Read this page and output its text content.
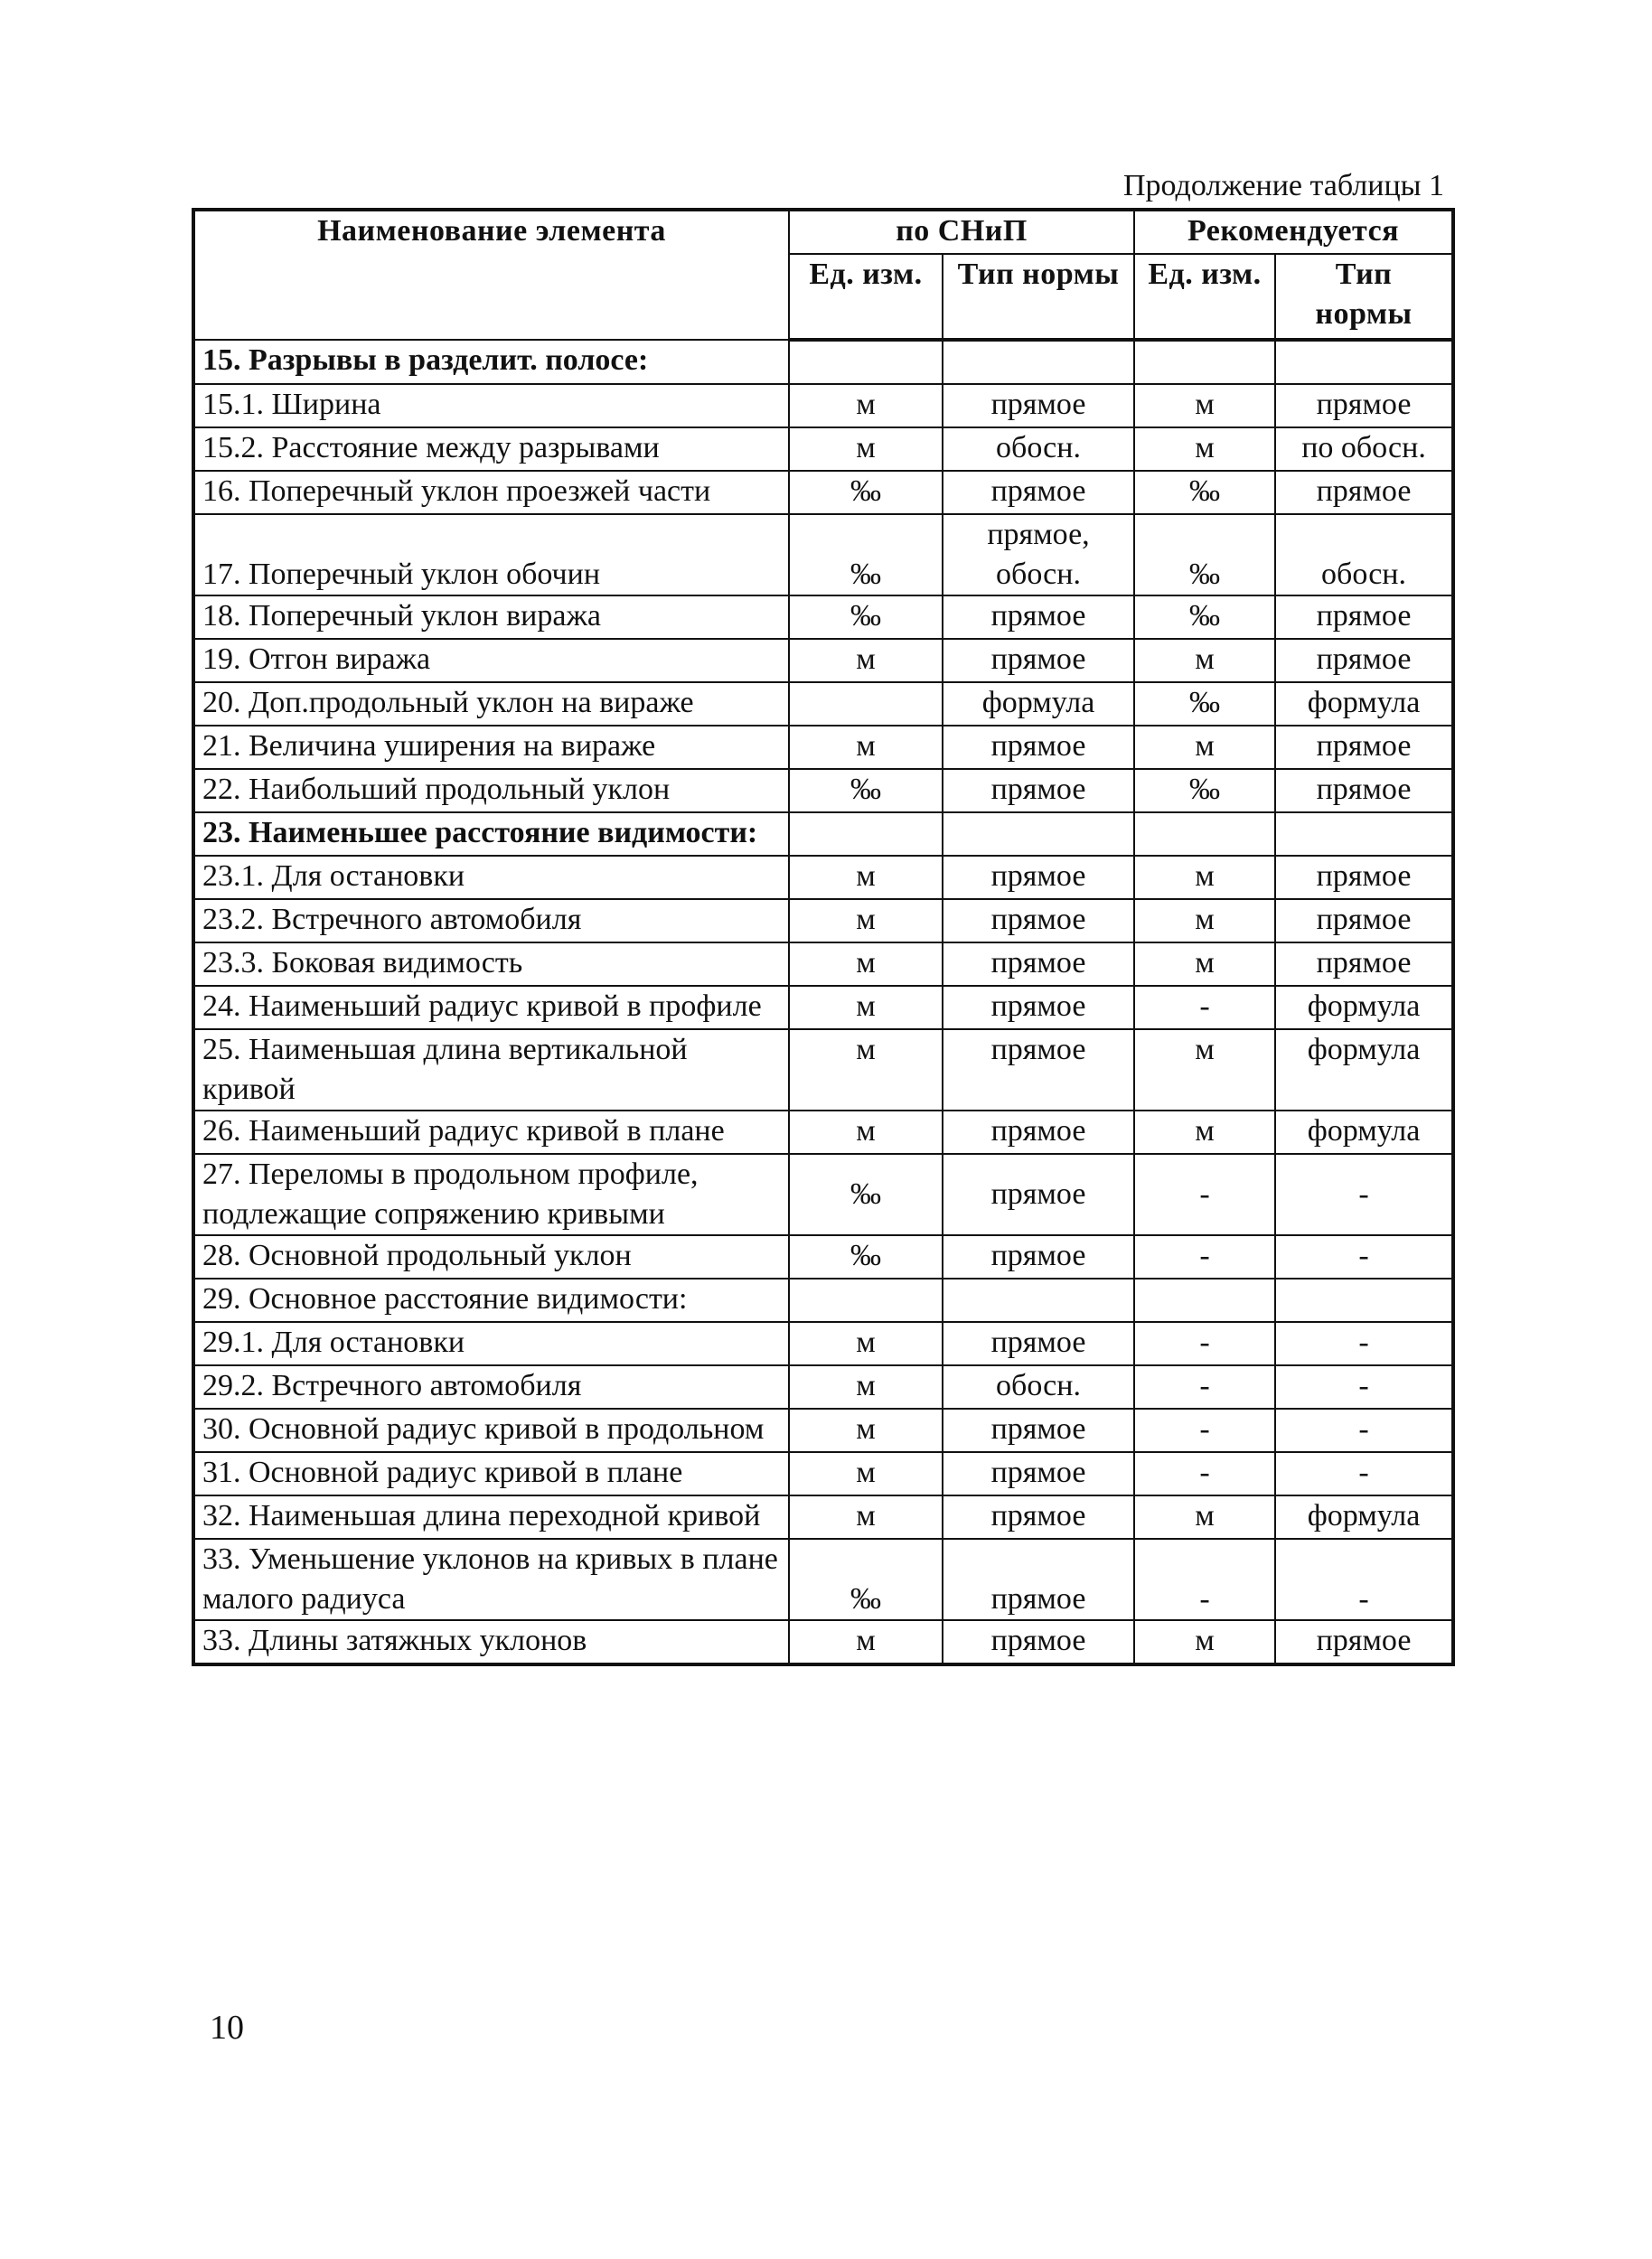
Продолжение таблицы 1
Наименование элемента	по СНиП		Рекомендуется	
	Ед. изм.	Тип нормы	Ед. изм.	Тип нормы
15. Разрывы в разделит. полосе:				
15.1. Ширина	м	прямое	м	прямое
15.2. Расстояние между разрывами	м	обосн.	м	по обосн.
16. Поперечный уклон проезжей части	‰	прямое	‰	прямое
17. Поперечный уклон обочин	‰	прямое, обосн.	‰	обосн.
18. Поперечный уклон виража	‰	прямое	‰	прямое
19. Отгон виража	м	прямое	м	прямое
20. Доп.продольный уклон на вираже		формула	‰	формула
21. Величина уширения на вираже	м	прямое	м	прямое
22. Наибольший продольный уклон	‰	прямое	‰	прямое
23. Наименьшее расстояние видимости:				
23.1. Для остановки	м	прямое	м	прямое
23.2. Встречного автомобиля	м	прямое	м	прямое
23.3. Боковая видимость	м	прямое	м	прямое
24. Наименьший радиус кривой в профиле	м	прямое	-	формула
25. Наименьшая длина вертикальной кривой	м	прямое	м	формула
26. Наименьший радиус кривой в плане	м	прямое	м	формула
27. Переломы в продольном профиле, подлежащие сопряжению кривыми	‰	прямое	-	-
28. Основной продольный уклон	‰	прямое	-	-
29. Основное расстояние видимости:				
29.1. Для остановки	м	прямое	-	-
29.2. Встречного автомобиля	м	обосн.	-	-
30. Основной радиус кривой в продольном	м	прямое	-	-
31. Основной радиус кривой в плане	м	прямое	-	-
32. Наименьшая длина переходной кривой	м	прямое	м	формула
33. Уменьшение уклонов на кривых в плане малого радиуса	‰	прямое	-	-
33. Длины затяжных уклонов	м	прямое	м	прямое
10
